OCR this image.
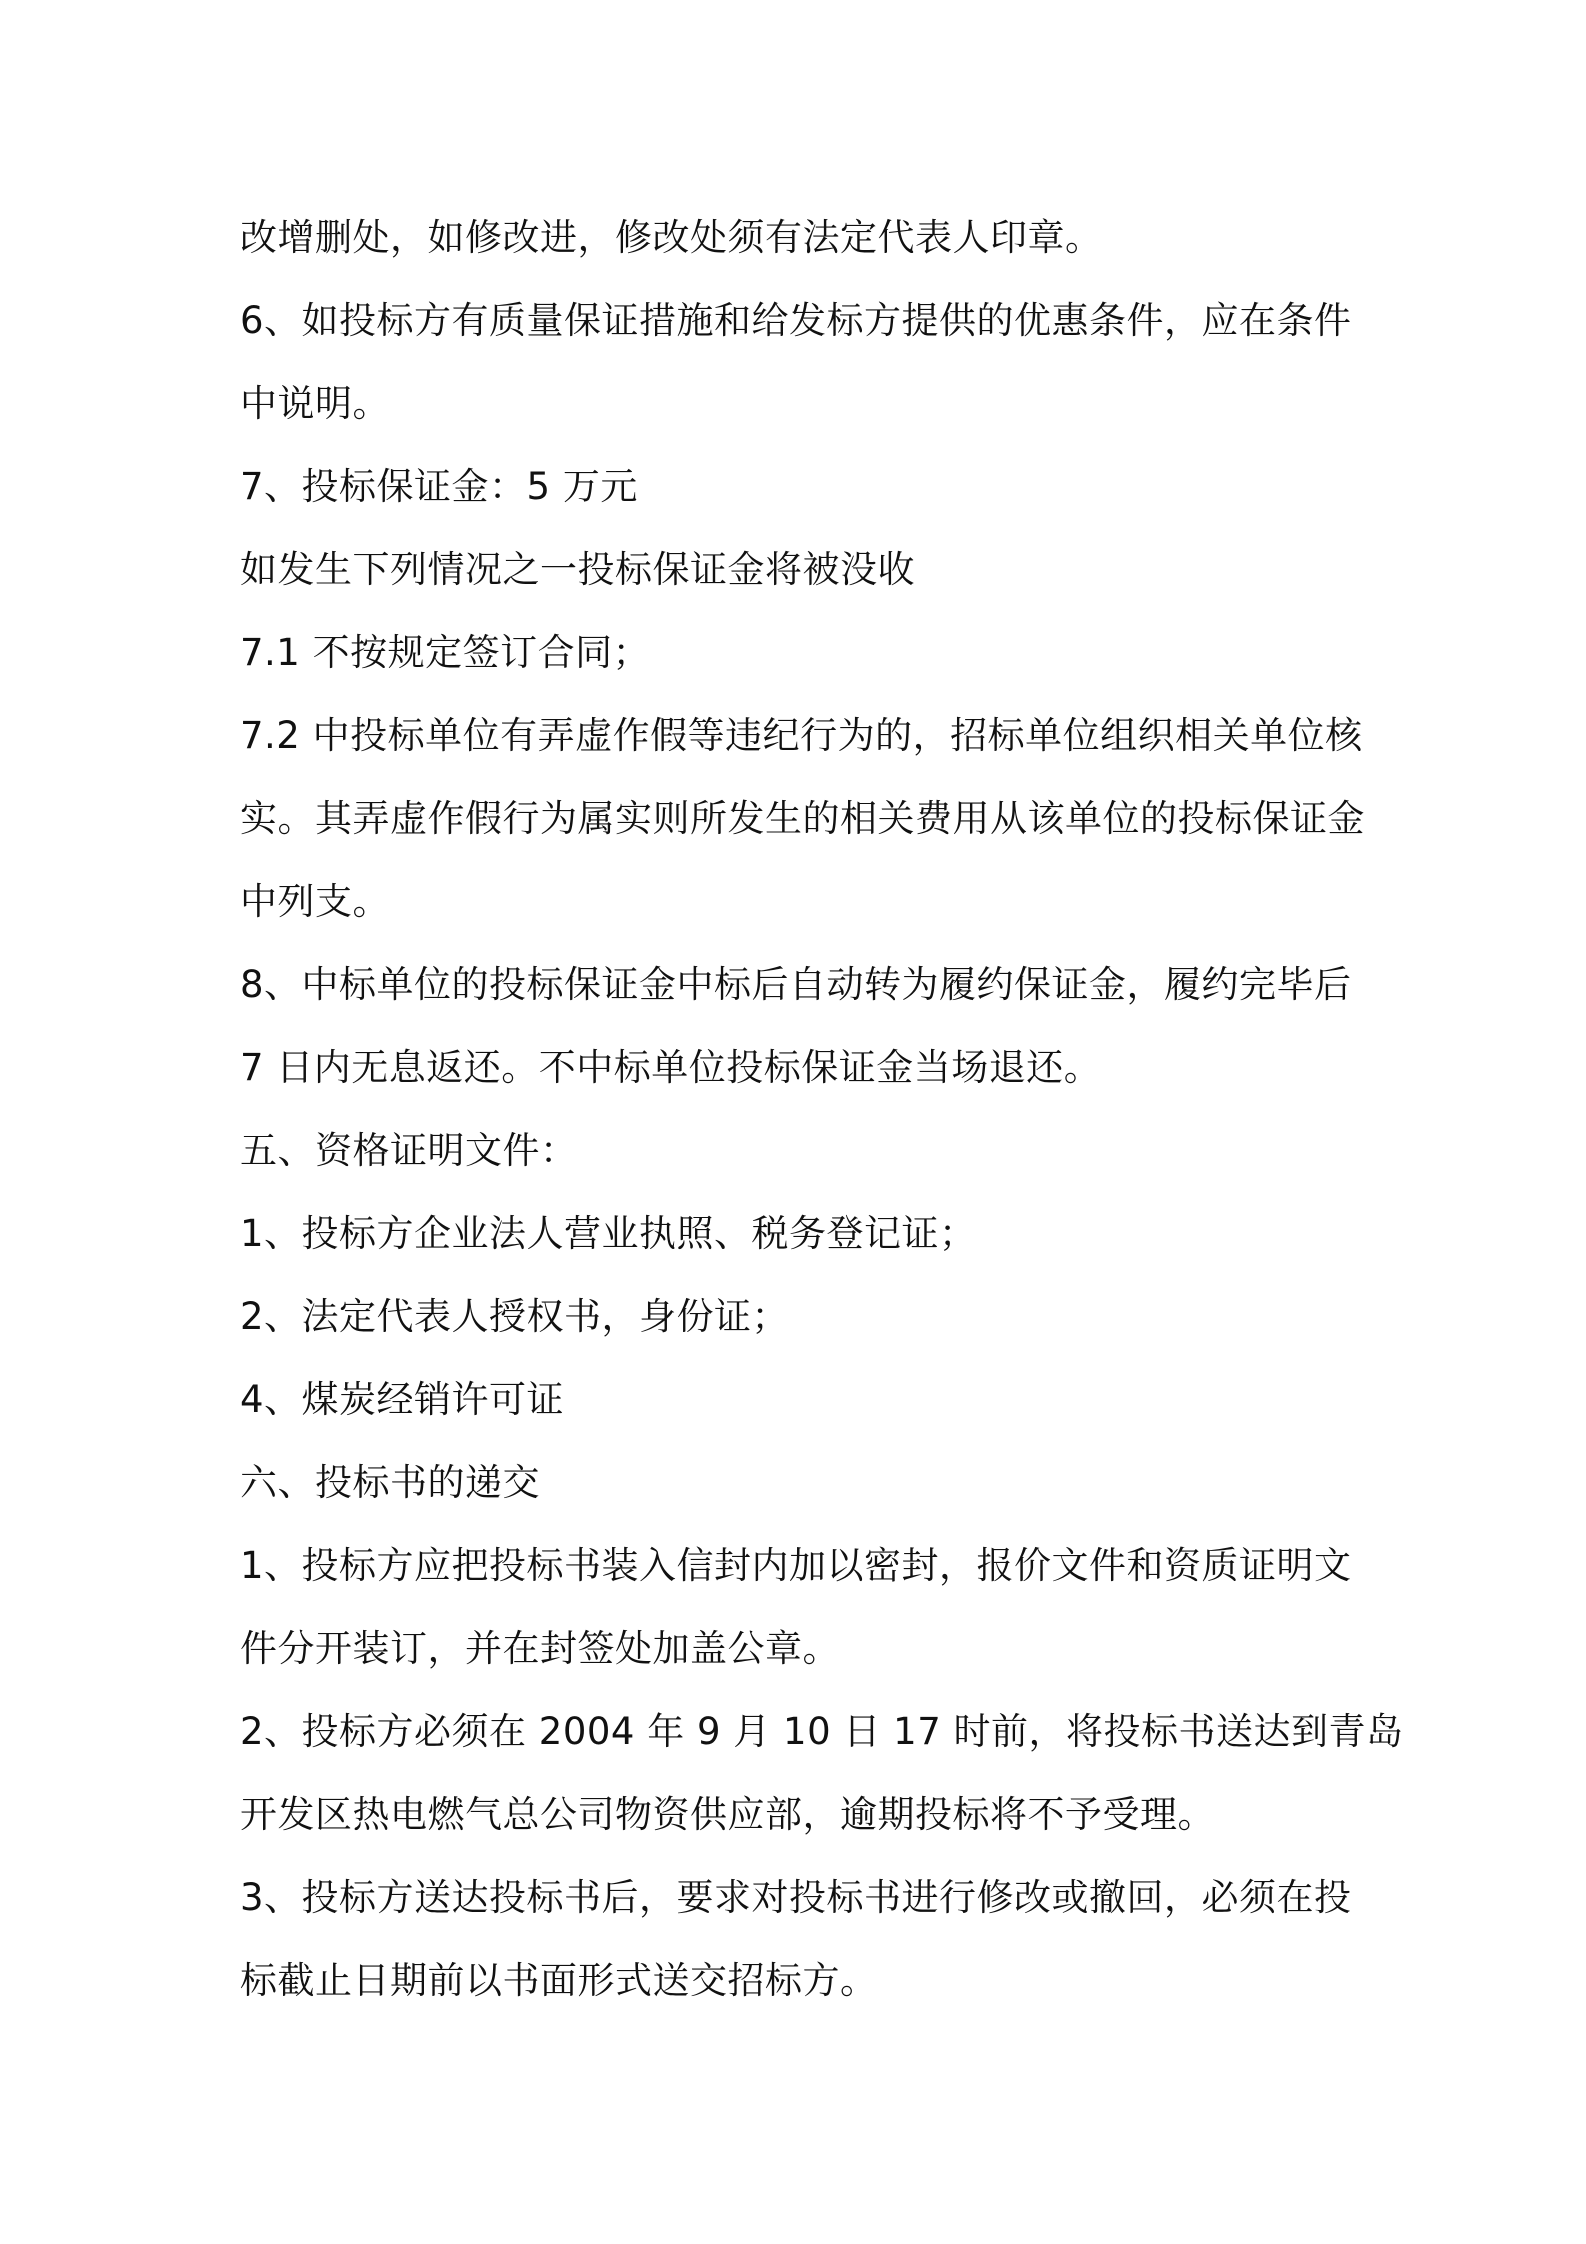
改增删处，如修改进，修改处须有法定代表人印章。

6、如投标方有质量保证措施和给发标方提供的优惠条件，应在条件

中说明。

7、投标保证金：5 万元

如发生下列情况之一投标保证金将被没收

7.1 不按规定签订合同；

7.2 中投标单位有弄虚作假等违纪行为的，招标单位组织相关单位核

实。其弄虚作假行为属实则所发生的相关费用从该单位的投标保证金

中列支。

8、中标单位的投标保证金中标后自动转为履约保证金，履约完毕后

7 日内无息返还。不中标单位投标保证金当场退还。

五、资格证明文件：

1、投标方企业法人营业执照、税务登记证；

2、法定代表人授权书，身份证；

4、煤炭经销许可证

六、投标书的递交

1、投标方应把投标书装入信封内加以密封，报价文件和资质证明文

件分开装订，并在封签处加盖公章。

2、投标方必须在 2004 年 9 月 10 日 17 时前，将投标书送达到青岛

开发区热电燃气总公司物资供应部，逾期投标将不予受理。

3、投标方送达投标书后，要求对投标书进行修改或撤回，必须在投

标截止日期前以书面形式送交招标方。
